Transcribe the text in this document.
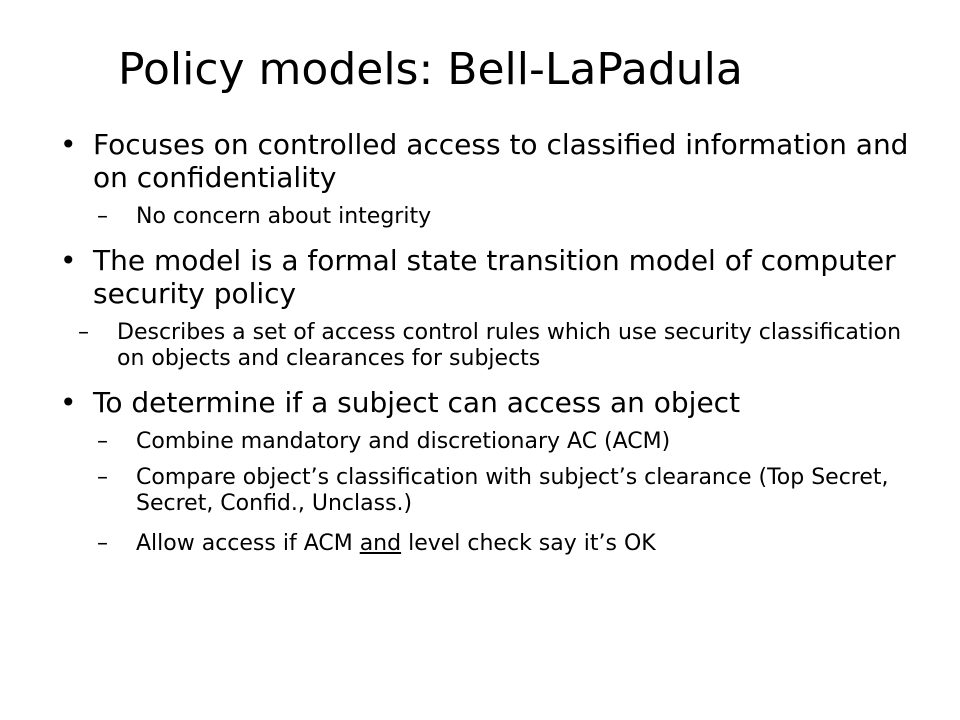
Policy models: Bell-LaPadula
• Focuses on controlled access to classified information and on confidentiality
– No concern about integrity
• The model is a formal state transition model of computer security policy
– Describes a set of access control rules which use security classification on objects and clearances for subjects
• To determine if a subject can access an object
– Combine mandatory and discretionary AC (ACM)
– Compare object’s classification with subject’s clearance (Top Secret, Secret, Confid., Unclass.)
– Allow access if ACM and level check say it’s OK
